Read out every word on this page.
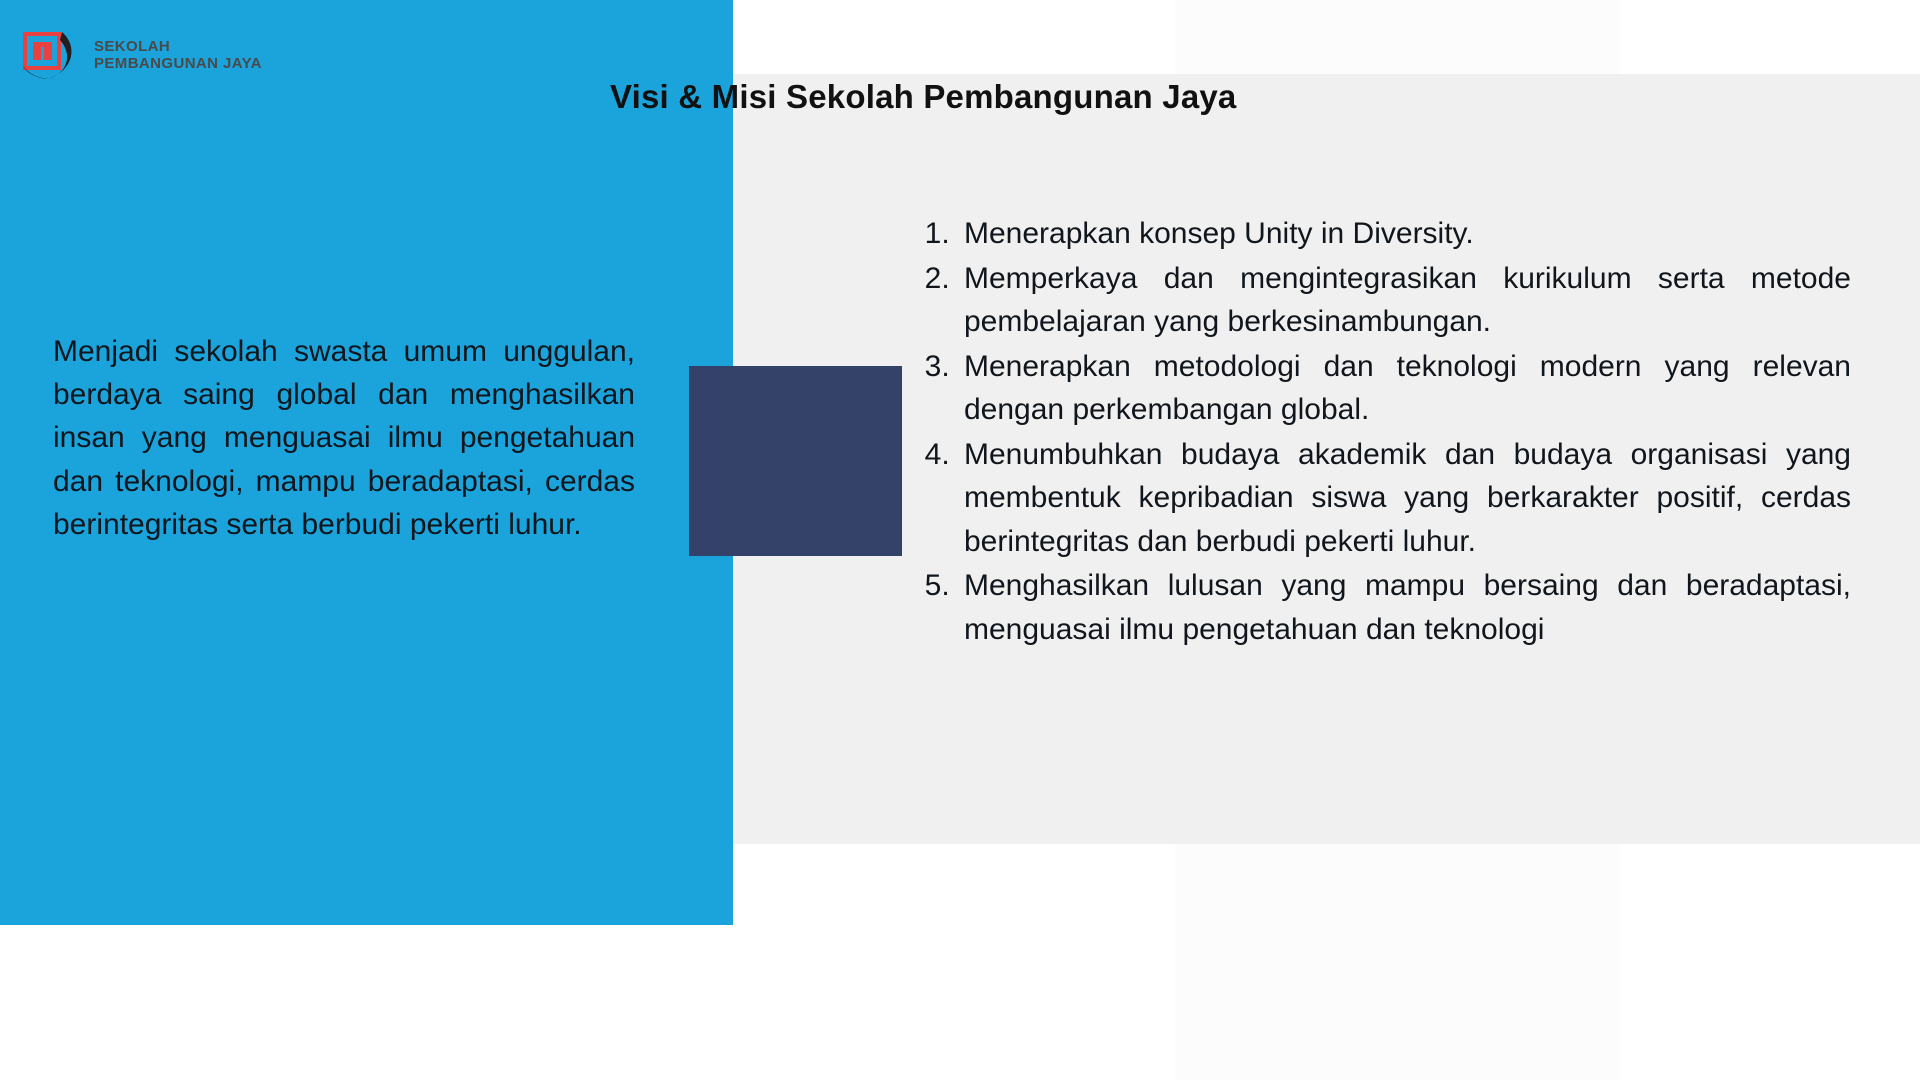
SEKOLAH
PEMBANGUNAN JAYA
Visi & Misi Sekolah Pembangunan Jaya
Menjadi sekolah swasta umum unggulan, berdaya saing global dan menghasilkan insan yang menguasai ilmu pengetahuan dan teknologi, mampu beradaptasi, cerdas berintegritas serta berbudi pekerti luhur.
1. Menerapkan konsep Unity in Diversity.
2. Memperkaya dan mengintegrasikan kurikulum serta metode pembelajaran yang berkesinambungan.
3. Menerapkan metodologi dan teknologi modern yang relevan dengan perkembangan global.
4. Menumbuhkan budaya akademik dan budaya organisasi yang membentuk kepribadian siswa yang berkarakter positif, cerdas berintegritas dan berbudi pekerti luhur.
5. Menghasilkan lulusan yang mampu bersaing dan beradaptasi, menguasai ilmu pengetahuan dan teknologi
